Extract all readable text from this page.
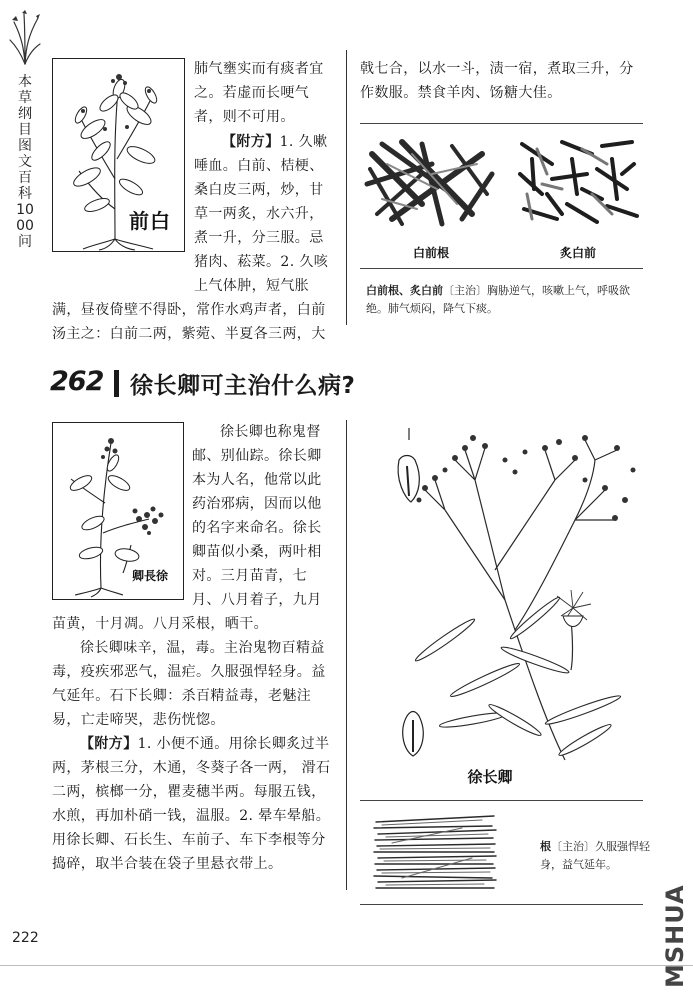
本草纲目图文百科1000问
前白

肺气壅实而有痰者宜之。若虚而长哽气者，则不可用。

【附方】1. 久嗽唾血。白前、桔梗、桑白皮三两，炒，甘草一两炙，水六升，煮一升，分三服。忌猪肉、菘菜。2. 久咳上气体肿，短气胀满，昼夜倚壁不得卧，常作水鸡声者，白前汤主之：白前二两，紫菀、半夏各三两，大

戟七合，以水一斗，渍一宿，煮取三升，分作数服。禁食羊肉、饧糖大佳。
白前根	炙白前
白前根、炙白前〔主治〕胸胁逆气，咳嗽上气，呼吸欲绝。肺气烦闷，降气下痰。
262 徐长卿可主治什么病?
卿長徐

徐长卿也称鬼督邮、别仙踪。徐长卿本为人名，他常以此药治邪病，因而以他的名字来命名。徐长卿苗似小桑，两叶相对。三月苗青，七月、八月着子，九月苗黄，十月凋。八月采根，晒干。

徐长卿味辛，温，毒。主治鬼物百精益毒，疫疾邪恶气，温疟。久服强悍轻身。益气延年。石下长卿：杀百精益毒，老魅注易，亡走啼哭，悲伤恍惚。

【附方】1. 小便不通。用徐长卿炙过半两，茅根三分，木通，冬葵子各一两， 滑石二两，槟榔一分，瞿麦穗半两。每服五钱，水煎，再加朴硝一钱，温服。2. 晕车晕船。用徐长卿、石长生、车前子、车下李根等分捣碎，取半合装在袋子里悬衣带上。

徐长卿
根〔主治〕久服强悍轻身，益气延年。
222	MSHUA
